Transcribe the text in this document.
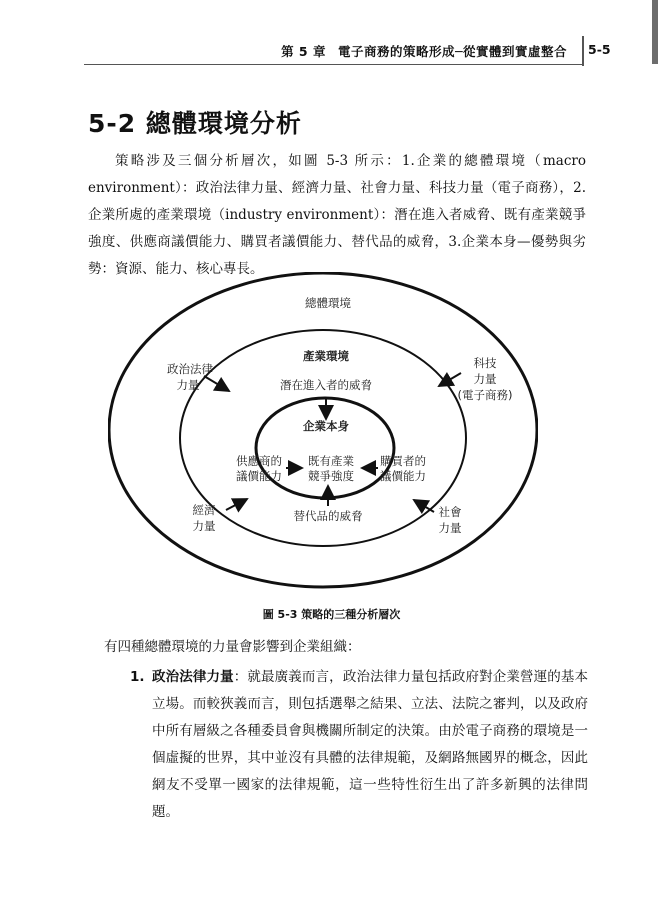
第 5 章 電子商務的策略形成─從實體到實虛整合 5-5
5-2 總體環境分析
策略涉及三個分析層次，如圖 5-3 所示：1.企業的總體環境（macro environment）：政治法律力量、經濟力量、社會力量、科技力量（電子商務），2.企業所處的產業環境（industry environment）：潛在進入者威脅、既有產業競爭強度、供應商議價能力、購買者議價能力、替代品的威脅，3.企業本身—優勢與劣勢：資源、能力、核心專長。
總體環境
產業環境
潛在進入者的威脅
企業本身
既有產業
競爭強度
供應商的
議價能力
購買者的
議價能力
替代品的威脅
政治法律
力量
科技
力量
(電子商務)
經濟
力量
社會
力量
圖 5-3 策略的三種分析層次
有四種總體環境的力量會影響到企業組織：
1. 政治法律力量：就最廣義而言，政治法律力量包括政府對企業營運的基本立場。而較狹義而言，則包括選舉之結果、立法、法院之審判，以及政府中所有層級之各種委員會與機關所制定的決策。由於電子商務的環境是一個虛擬的世界，其中並沒有具體的法律規範，及網路無國界的概念，因此網友不受單一國家的法律規範，這一些特性衍生出了許多新興的法律問題。
